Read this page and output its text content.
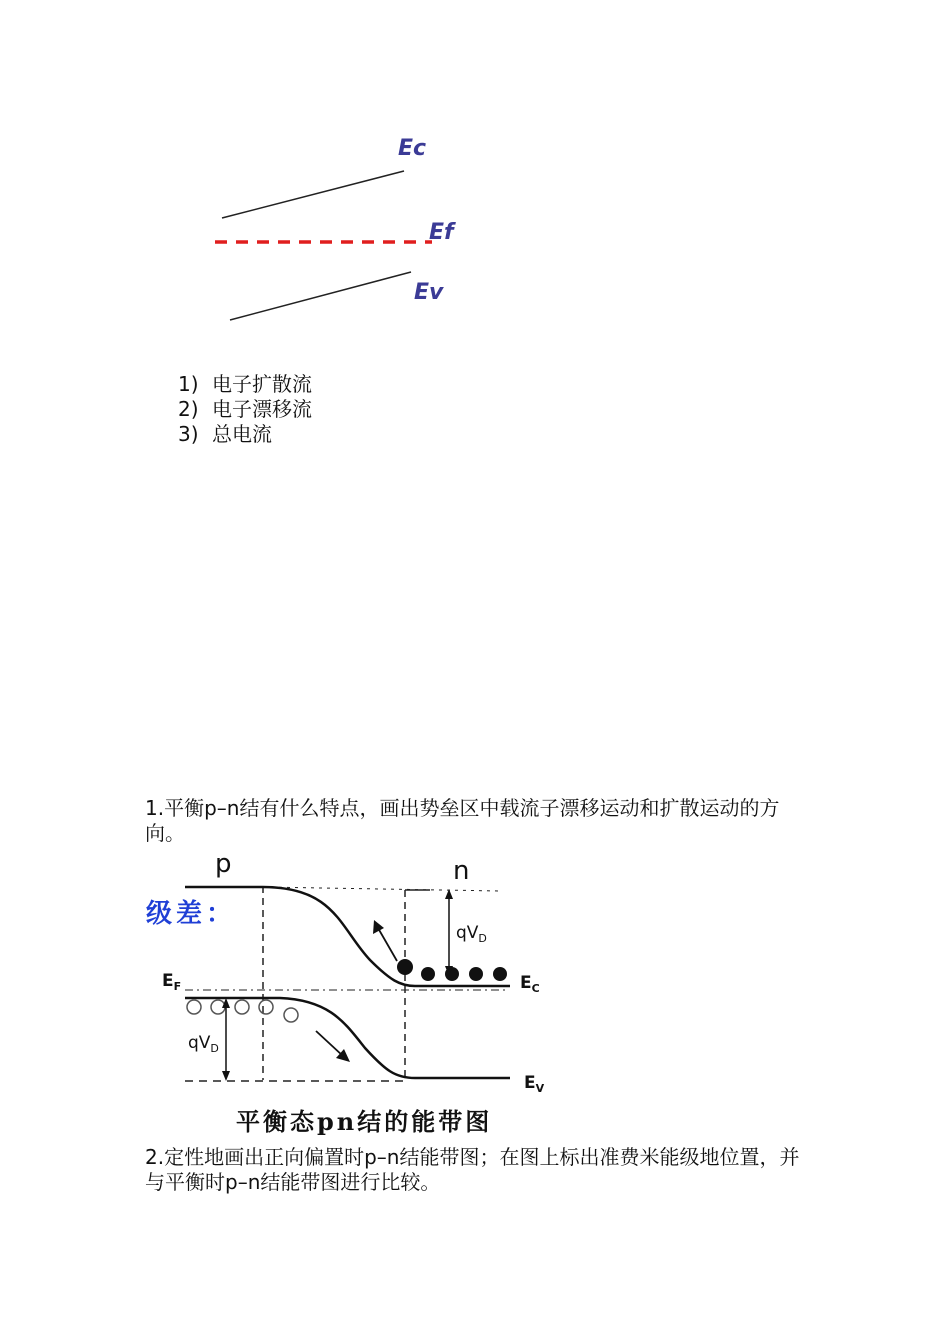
Ec
Ef
Ev
1) 电子扩散流
2) 电子漂移流
3) 总电流
1.平衡p–n结有什么特点，画出势垒区中载流子漂移运动和扩散运动的方向。
p	n
级差：
$qV_D$
$qV_D$
$E_F$	$E_C$
$E_V$
平衡态pn结的能带图
2.定性地画出正向偏置时p–n结能带图；在图上标出准费米能级地位置，并与平衡时p–n结能带图进行比较。
